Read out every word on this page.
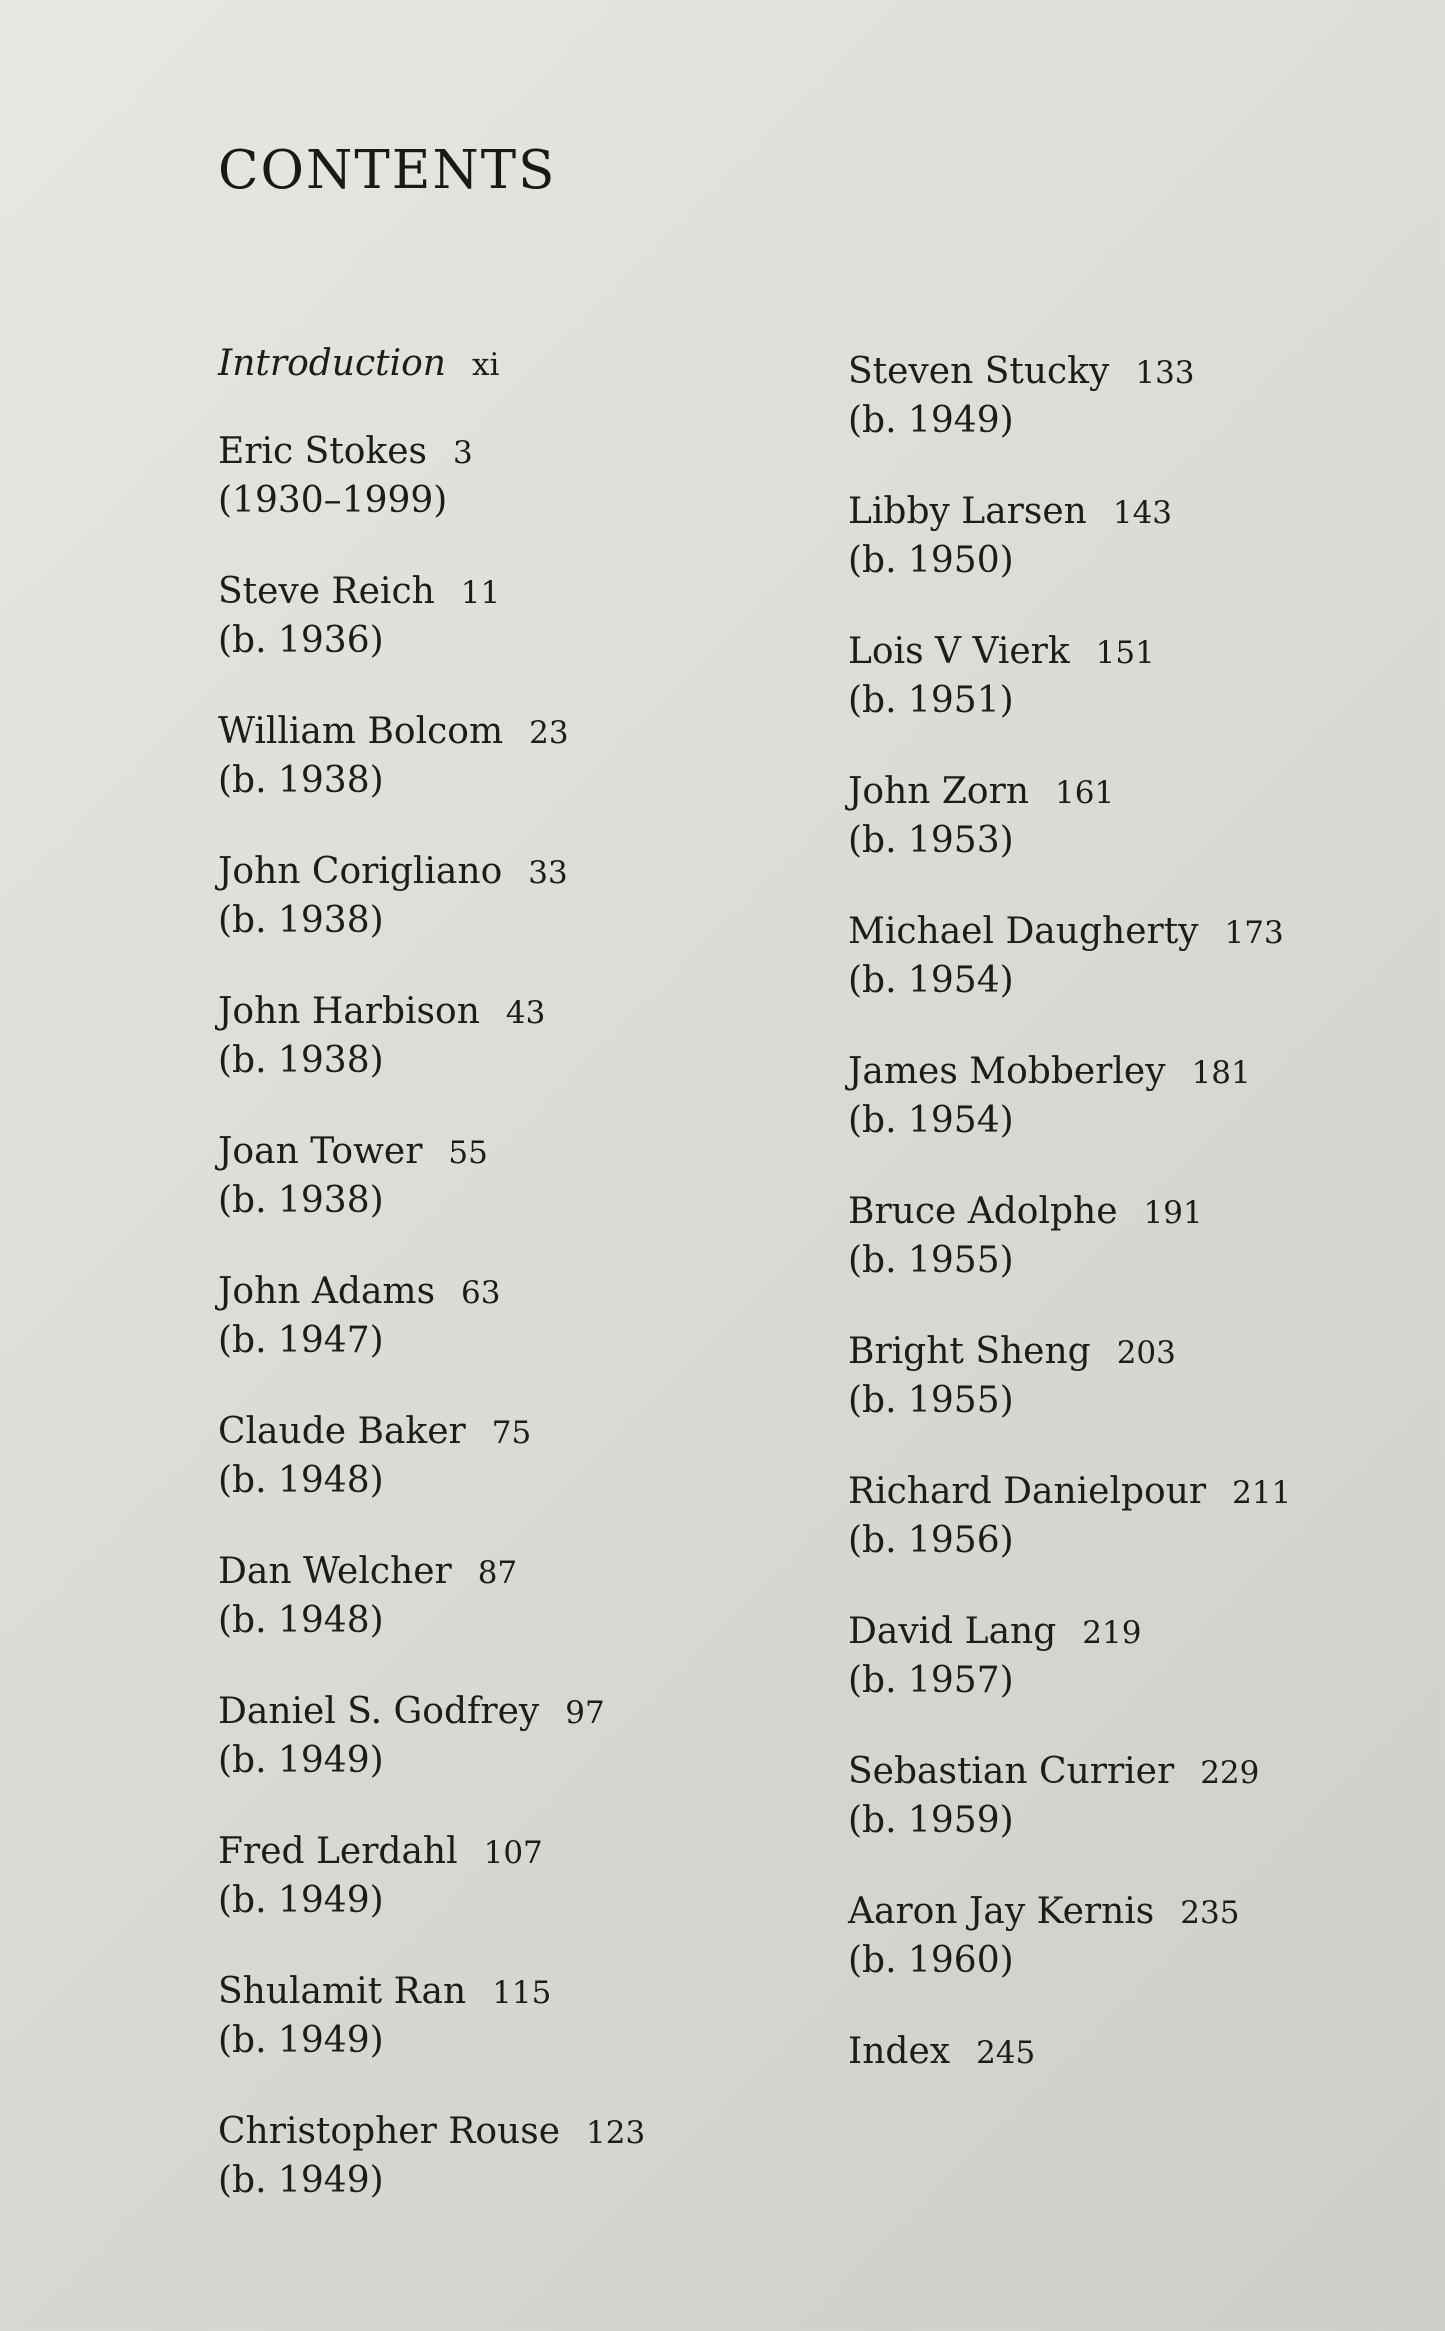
CONTENTS
Introduction xi
Eric Stokes 3
(1930–1999)
Steve Reich 11
(b. 1936)
William Bolcom 23
(b. 1938)
John Corigliano 33
(b. 1938)
John Harbison 43
(b. 1938)
Joan Tower 55
(b. 1938)
John Adams 63
(b. 1947)
Claude Baker 75
(b. 1948)
Dan Welcher 87
(b. 1948)
Daniel S. Godfrey 97
(b. 1949)
Fred Lerdahl 107
(b. 1949)
Shulamit Ran 115
(b. 1949)
Christopher Rouse 123
(b. 1949)
Steven Stucky 133
(b. 1949)
Libby Larsen 143
(b. 1950)
Lois V Vierk 151
(b. 1951)
John Zorn 161
(b. 1953)
Michael Daugherty 173
(b. 1954)
James Mobberley 181
(b. 1954)
Bruce Adolphe 191
(b. 1955)
Bright Sheng 203
(b. 1955)
Richard Danielpour 211
(b. 1956)
David Lang 219
(b. 1957)
Sebastian Currier 229
(b. 1959)
Aaron Jay Kernis 235
(b. 1960)
Index 245
